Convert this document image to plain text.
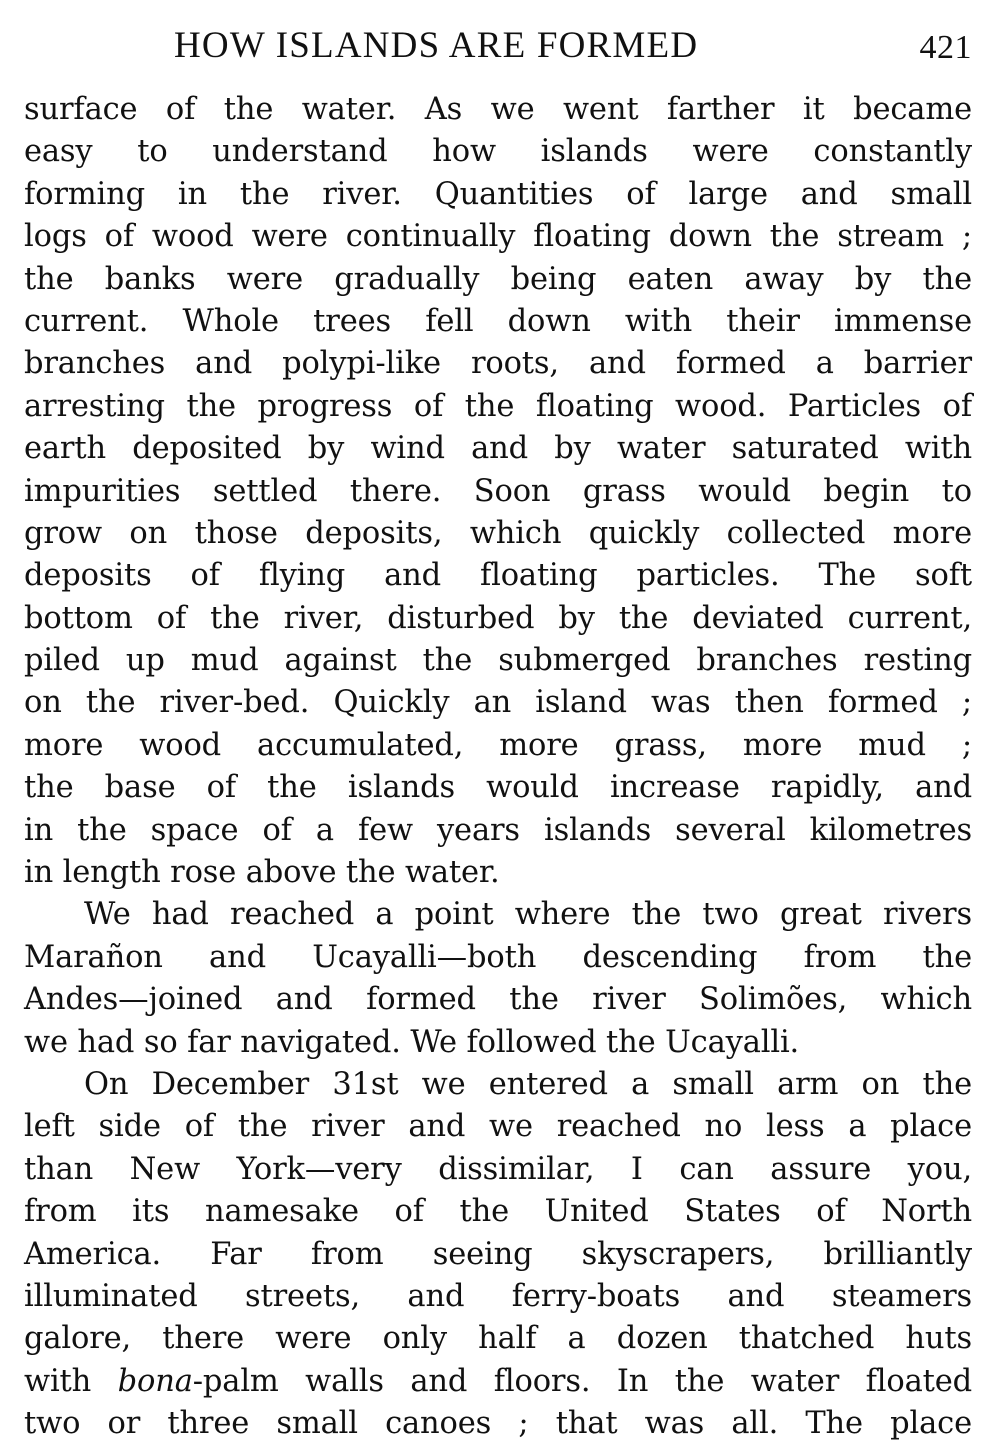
HOW ISLANDS ARE FORMED	421
surface of the water. As we went farther it became
easy to understand how islands were constantly
forming in the river. Quantities of large and small
logs of wood were continually floating down the stream ;
the banks were gradually being eaten away by the
current. Whole trees fell down with their immense
branches and polypi-like roots, and formed a barrier
arresting the progress of the floating wood. Particles of
earth deposited by wind and by water saturated with
impurities settled there. Soon grass would begin to
grow on those deposits, which quickly collected more
deposits of flying and floating particles. The soft
bottom of the river, disturbed by the deviated current,
piled up mud against the submerged branches resting
on the river-bed. Quickly an island was then formed ;
more wood accumulated, more grass, more mud ;
the base of the islands would increase rapidly, and
in the space of a few years islands several kilometres
in length rose above the water.
We had reached a point where the two great rivers
Marañon and Ucayalli—both descending from the
Andes—joined and formed the river Solimões, which
we had so far navigated. We followed the Ucayalli.
On December 31st we entered a small arm on the
left side of the river and we reached no less a place
than New York—very dissimilar, I can assure you,
from its namesake of the United States of North
America. Far from seeing skyscrapers, brilliantly
illuminated streets, and ferry-boats and steamers
galore, there were only half a dozen thatched huts
with bona-palm walls and floors. In the water floated
two or three small canoes ; that was all. The place
